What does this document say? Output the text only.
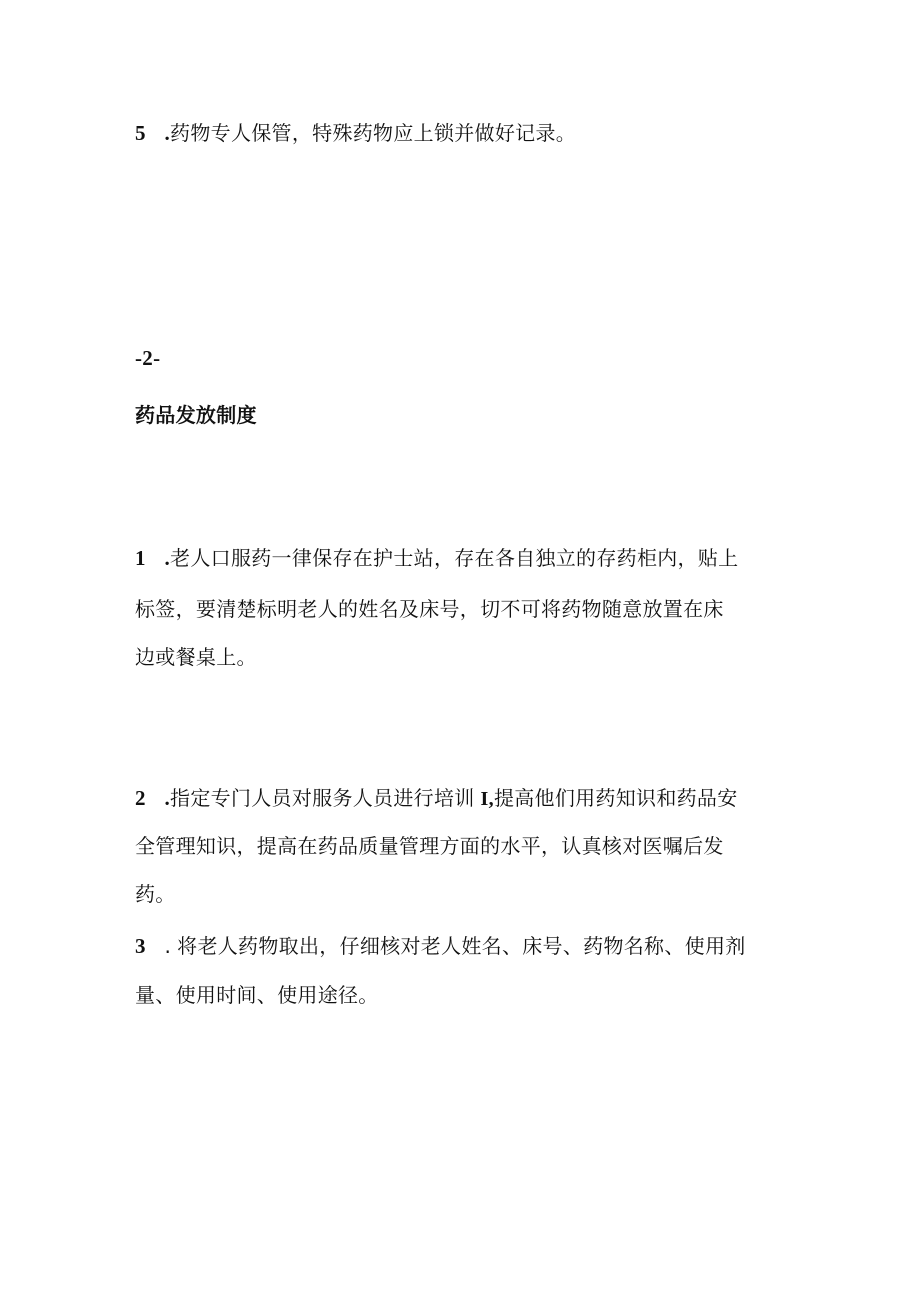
5 .药物专人保管，特殊药物应上锁并做好记录。
-2-
药品发放制度
1 .老人口服药一律保存在护士站，存在各自独立的存药柜内，贴上
标签，要清楚标明老人的姓名及床号，切不可将药物随意放置在床
边或餐桌上。
2 .指定专门人员对服务人员进行培训 I,提高他们用药知识和药品安
全管理知识，提高在药品质量管理方面的水平，认真核对医嘱后发
药。
3 . 将老人药物取出，仔细核对老人姓名、床号、药物名称、使用剂
量、使用时间、使用途径。
